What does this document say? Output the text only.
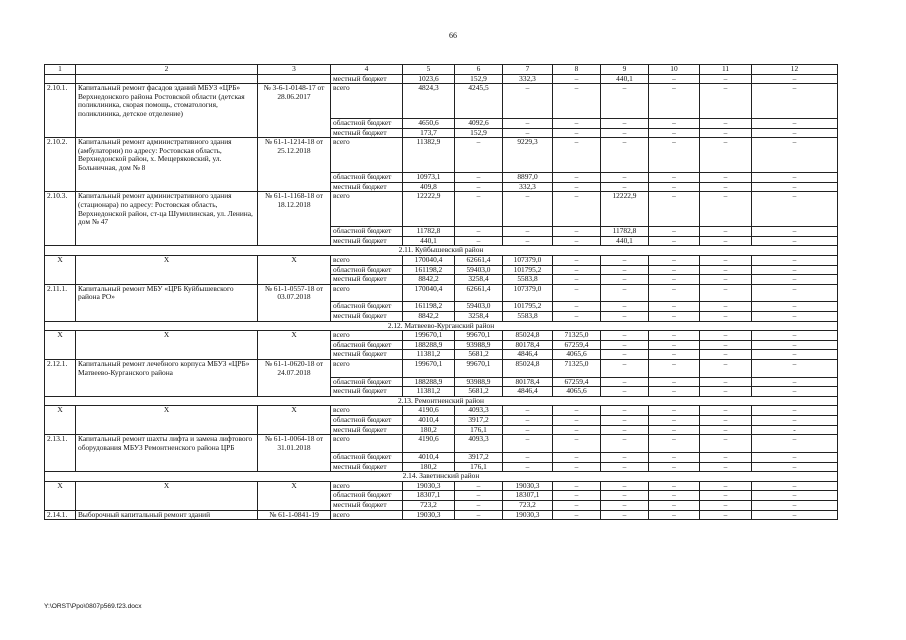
66
1	2	3	4	5	6	7	8	9	10	11	12
			местный бюджет	1023,6	152,9	332,3	–	440,1	–	–	–
2.10.1.	Капитальный ремонт фасадов зданий МБУЗ «ЦРБ» Верхнедонского района Ростовской области (детская поликлиника, скорая помощь, стоматология, поликлиника, детское отделение)	№ 3-6-1-0148-17 от 28.06.2017	всего	4824,3	4245,5	–	–	–	–	–	–
			областной бюджет	4650,6	4092,6	–	–	–	–	–	–
			местный бюджет	173,7	152,9	–	–	–	–	–	–
2.10.2.	Капитальный ремонт административного здания (амбулатории) по адресу: Ростовская область, Верхнедонской район, х. Мещеряковский, ул. Больничная, дом № 8	№ 61-1-1214-18 от 25.12.2018	всего	11382,9	–	9229,3	–	–	–	–	–
			областной бюджет	10973,1	–	8897,0	–	–	–	–	–
			местный бюджет	409,8	–	332,3	–	–	–	–	–
2.10.3.	Капитальный ремонт административного здания (стационара) по адресу: Ростовская область, Верхнедонской район, ст-ца Шумилинская, ул. Ленина, дом № 47	№ 61-1-1168-18 от 18.12.2018	всего	12222,9	–	–	–	12222,9	–	–	–
			областной бюджет	11782,8	–	–	–	11782,8	–	–	–
			местный бюджет	440,1	–	–	–	440,1	–	–	–
2.11. Куйбышевский район											
Х	Х	Х	всего	170040,4	62661,4	107379,0	–	–	–	–	–
			областной бюджет	161198,2	59403,0	101795,2	–	–	–	–	–
			местный бюджет	8842,2	3258,4	5583,8	–	–	–	–	–
2.11.1.	Капитальный ремонт МБУ «ЦРБ Куйбышевского района РО»	№ 61-1-0557-18 от 03.07.2018	всего	170040,4	62661,4	107379,0	–	–	–	–	–
			областной бюджет	161198,2	59403,0	101795,2	–	–	–	–	–
			местный бюджет	8842,2	3258,4	5583,8	–	–	–	–	–
2.12. Матвеево-Курганский район											
Х	Х	Х	всего	199670,1	99670,1	85024,8	71325,0	–	–	–	–
			областной бюджет	188288,9	93988,9	80178,4	67259,4	–	–	–	–
			местный бюджет	11381,2	5681,2	4846,4	4065,6	–	–	–	–
2.12.1.	Капитальный ремонт лечебного корпуса МБУЗ «ЦРБ» Матвеево-Курганского района	№ 61-1-0620-18 от 24.07.2018	всего	199670,1	99670,1	85024,8	71325,0	–	–	–	–
			областной бюджет	188288,9	93988,9	80178,4	67259,4	–	–	–	–
			местный бюджет	11381,2	5681,2	4846,4	4065,6	–	–	–	–
2.13. Ремонтненский район											
Х	Х	Х	всего	4190,6	4093,3	–	–	–	–	–	–
			областной бюджет	4010,4	3917,2	–	–	–	–	–	–
			местный бюджет	180,2	176,1	–	–	–	–	–	-
2.13.1.	Капитальный ремонт шахты лифта и замена лифтового оборудования МБУЗ Ремонтненского района ЦРБ	№ 61-1-0064-18 от 31.01.2018	всего	4190,6	4093,3	–	–	–	–	–	–
			областной бюджет	4010,4	3917,2	–	–	–	–	–	–
			местный бюджет	180,2	176,1	–	–	–	–	–	–
2.14. Заветинский район											
Х	Х	Х	всего	19030,3	–	19030,3	–	–	–	–	–
			областной бюджет	18307,1	–	18307,1	–	–	–	–	–
			местный бюджет	723,2	–	723,2	–	–	–	–	–
2.14.1.	Выборочный капитальный ремонт зданий	№ 61-1-0841-19	всего	19030,3	–	19030,3	–	–	–	–	–
Y:\ORST\Ppo\0807p569.f23.docx
